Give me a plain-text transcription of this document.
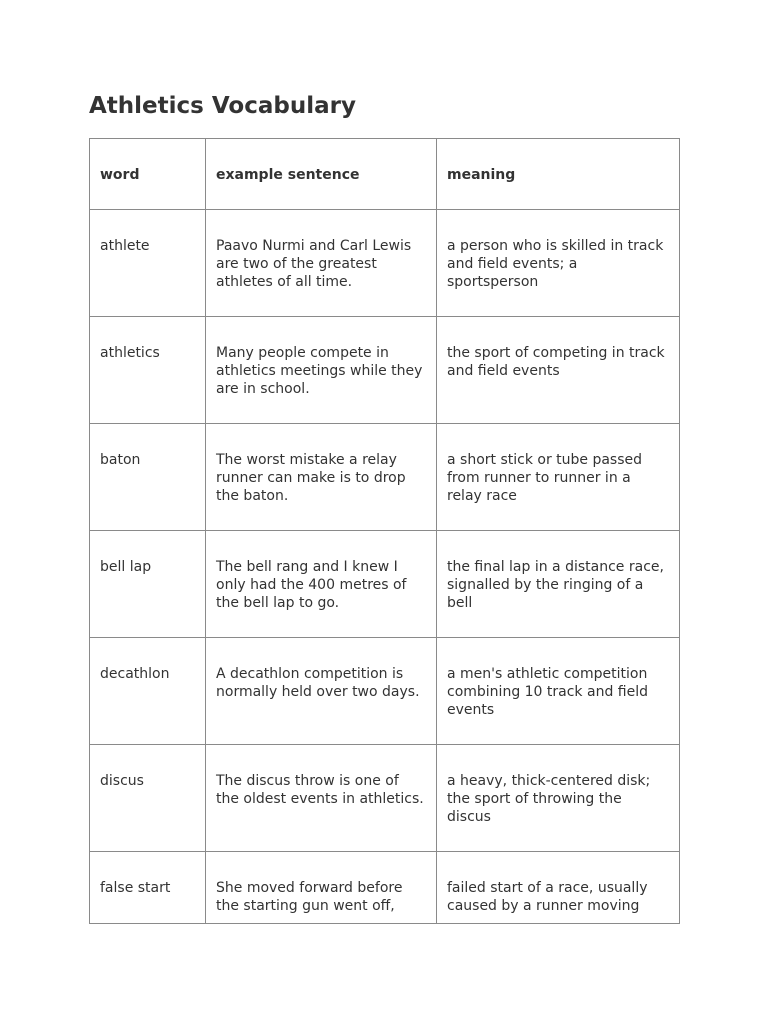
Athletics Vocabulary
word	example sentence	meaning
athlete	Paavo Nurmi and Carl Lewis are two of the greatest athletes of all time.	a person who is skilled in track and field events; a sportsperson
athletics	Many people compete in athletics meetings while they are in school.	the sport of competing in track and field events
baton	The worst mistake a relay runner can make is to drop the baton.	a short stick or tube passed from runner to runner in a relay race
bell lap	The bell rang and I knew I only had the 400 metres of the bell lap to go.	the final lap in a distance race, signalled by the ringing of a bell
decathlon	A decathlon competition is normally held over two days.	a men's athletic competition combining 10 track and field events
discus	The discus throw is one of the oldest events in athletics.	a heavy, thick-centered disk; the sport of throwing the discus
false start	She moved forward before the starting gun went off,	failed start of a race, usually caused by a runner moving
